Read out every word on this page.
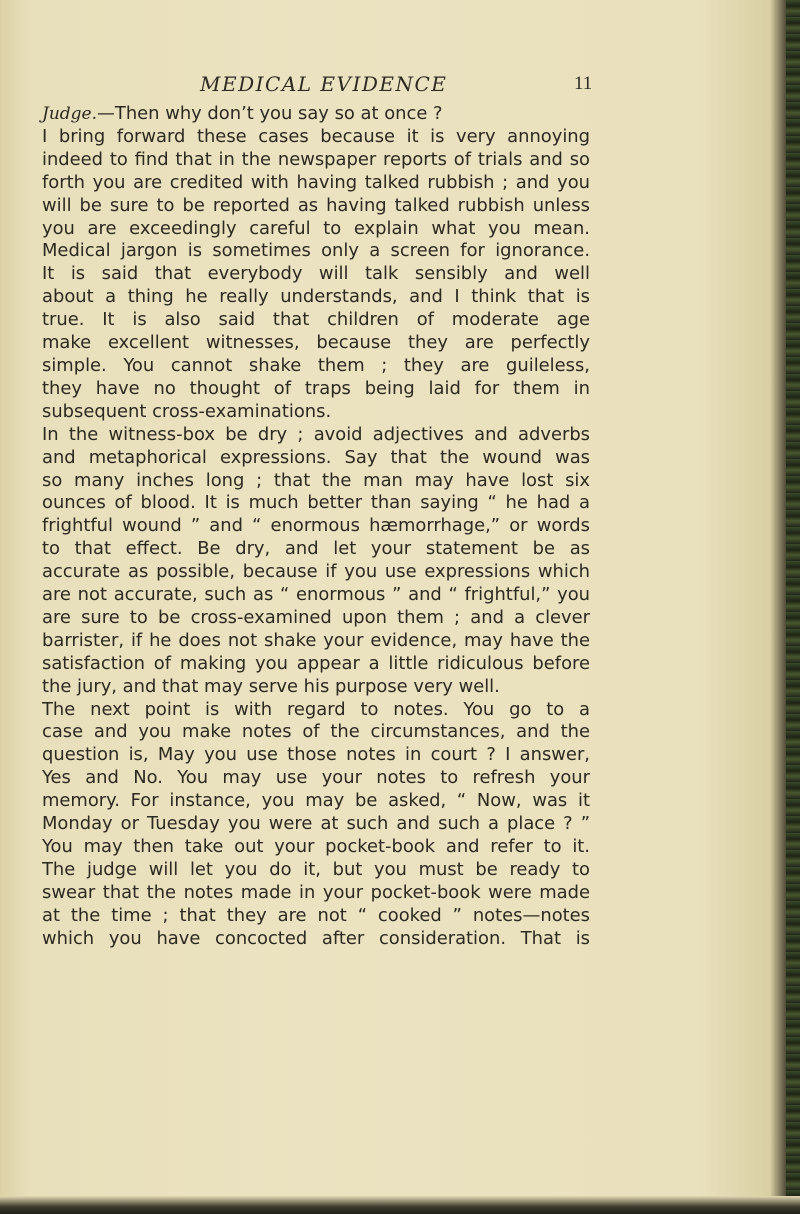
MEDICAL EVIDENCE	11

Judge.—Then why don’t you say so at once ?

I bring forward these cases because it is very annoying
indeed to find that in the newspaper reports of trials and so
forth you are credited with having talked rubbish ; and you
will be sure to be reported as having talked rubbish unless
you are exceedingly careful to explain what you mean.
Medical jargon is sometimes only a screen for ignorance.
It is said that everybody will talk sensibly and well
about a thing he really understands, and I think that is
true. It is also said that children of moderate age
make excellent witnesses, because they are perfectly
simple. You cannot shake them ; they are guileless,
they have no thought of traps being laid for them in
subsequent cross-examinations.

In the witness-box be dry ; avoid adjectives and adverbs
and metaphorical expressions. Say that the wound was
so many inches long ; that the man may have lost six
ounces of blood. It is much better than saying “ he had a
frightful wound ” and “ enormous hæmorrhage,” or words
to that effect. Be dry, and let your statement be as
accurate as possible, because if you use expressions which
are not accurate, such as “ enormous ” and “ frightful,” you
are sure to be cross-examined upon them ; and a clever
barrister, if he does not shake your evidence, may have the
satisfaction of making you appear a little ridiculous before
the jury, and that may serve his purpose very well.

The next point is with regard to notes. You go to a
case and you make notes of the circumstances, and the
question is, May you use those notes in court ? I answer,
Yes and No. You may use your notes to refresh your
memory. For instance, you may be asked, “ Now, was it
Monday or Tuesday you were at such and such a place ? ”
You may then take out your pocket-book and refer to it.
The judge will let you do it, but you must be ready to
swear that the notes made in your pocket-book were made
at the time ; that they are not “ cooked ” notes—notes
which you have concocted after consideration. That is
